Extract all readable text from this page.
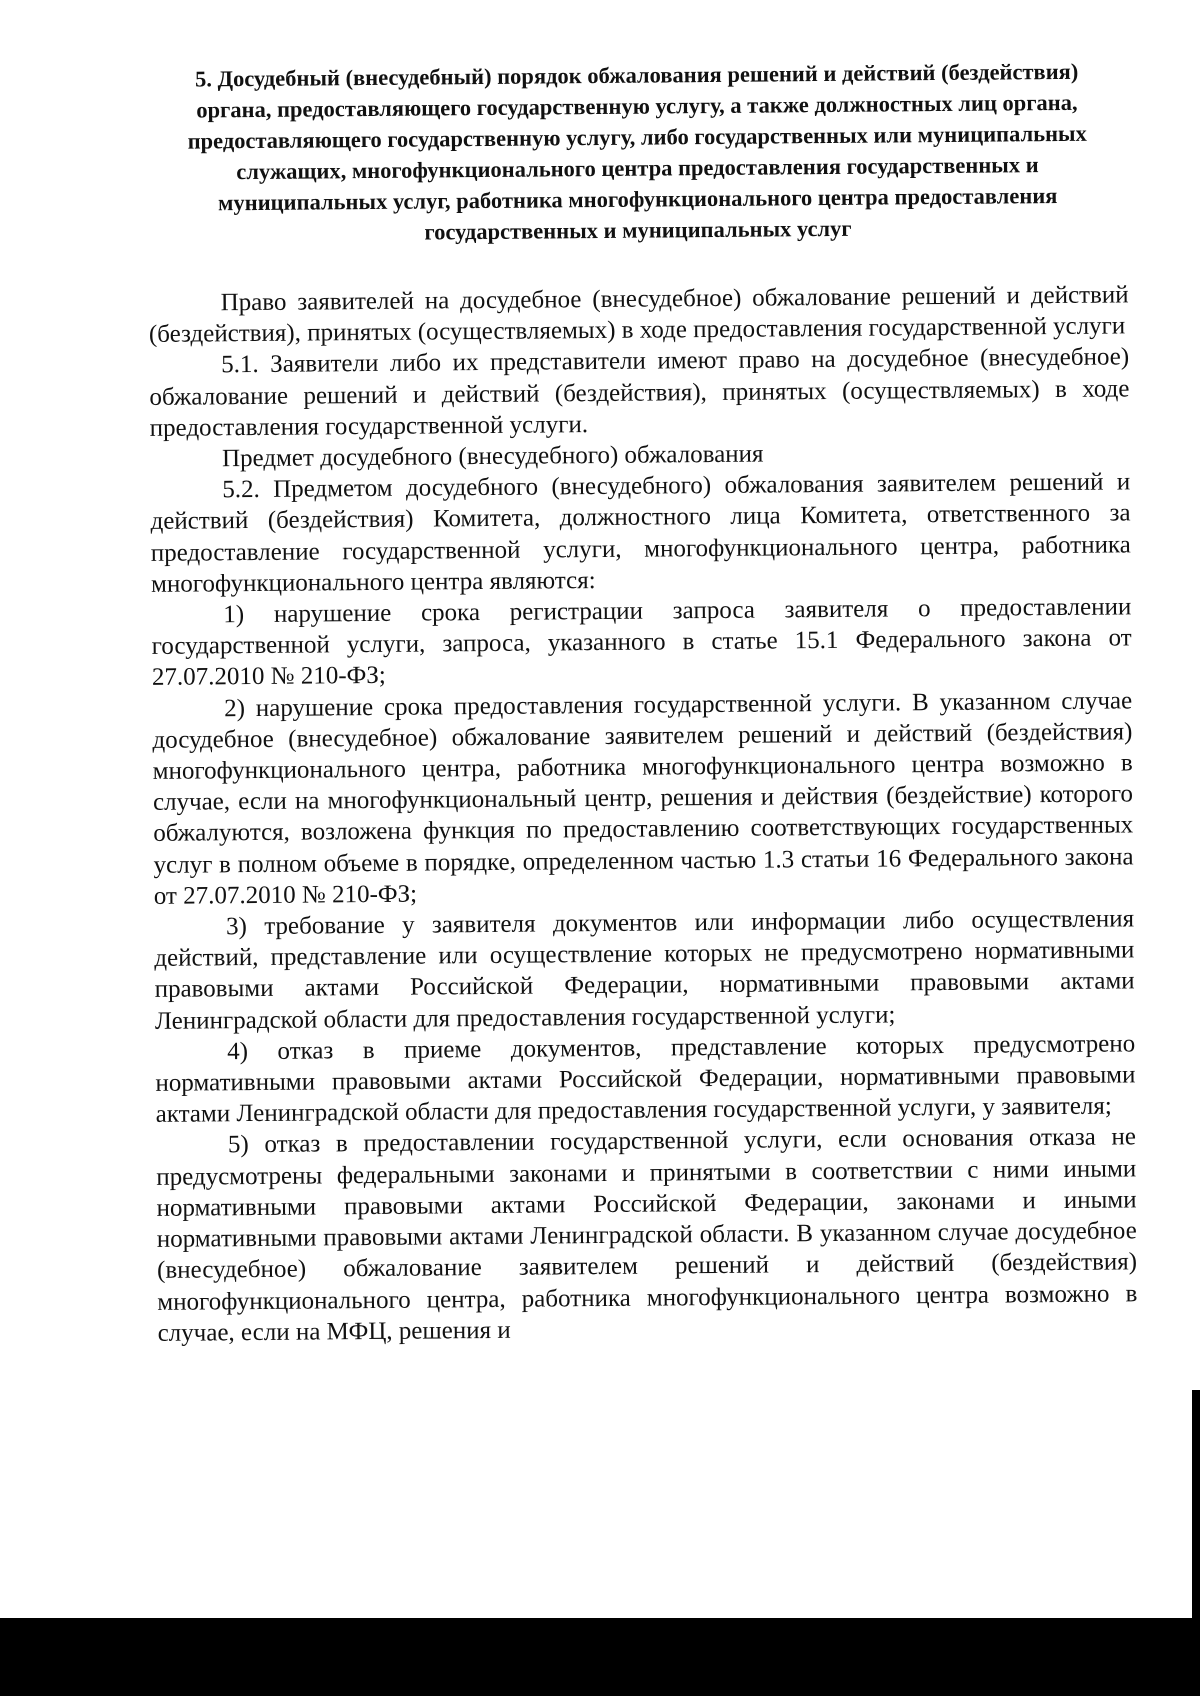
5. Досудебный (внесудебный) порядок обжалования решений и действий (бездействия) органа, предоставляющего государственную услугу, а также должностных лиц органа, предоставляющего государственную услугу, либо государственных или муниципальных служащих, многофункционального центра предоставления государственных и муниципальных услуг, работника многофункционального центра предоставления государственных и муниципальных услуг

Право заявителей на досудебное (внесудебное) обжалование решений и действий (бездействия), принятых (осуществляемых) в ходе предоставления государственной услуги

5.1. Заявители либо их представители имеют право на досудебное (внесудебное) обжалование решений и действий (бездействия), принятых (осуществляемых) в ходе предоставления государственной услуги.

Предмет досудебного (внесудебного) обжалования

5.2. Предметом досудебного (внесудебного) обжалования заявителем решений и действий (бездействия) Комитета, должностного лица Комитета, ответственного за предоставление государственной услуги, многофункционального центра, работника многофункционального центра являются:

1) нарушение срока регистрации запроса заявителя о предоставлении государственной услуги, запроса, указанного в статье 15.1 Федерального закона от 27.07.2010 № 210-ФЗ;

2) нарушение срока предоставления государственной услуги. В указанном случае досудебное (внесудебное) обжалование заявителем решений и действий (бездействия) многофункционального центра, работника многофункционального центра возможно в случае, если на многофункциональный центр, решения и действия (бездействие) которого обжалуются, возложена функция по предоставлению соответствующих государственных услуг в полном объеме в порядке, определенном частью 1.3 статьи 16 Федерального закона от 27.07.2010 № 210-ФЗ;

3) требование у заявителя документов или информации либо осуществления действий, представление или осуществление которых не предусмотрено нормативными правовыми актами Российской Федерации, нормативными правовыми актами Ленинградской области для предоставления государственной услуги;

4) отказ в приеме документов, представление которых предусмотрено нормативными правовыми актами Российской Федерации, нормативными правовыми актами Ленинградской области для предоставления государственной услуги, у заявителя;

5) отказ в предоставлении государственной услуги, если основания отказа не предусмотрены федеральными законами и принятыми в соответствии с ними иными нормативными правовыми актами Российской Федерации, законами и иными нормативными правовыми актами Ленинградской области. В указанном случае досудебное (внесудебное) обжалование заявителем решений и действий (бездействия) многофункционального центра, работника многофункционального центра возможно в случае, если на МФЦ, решения и
